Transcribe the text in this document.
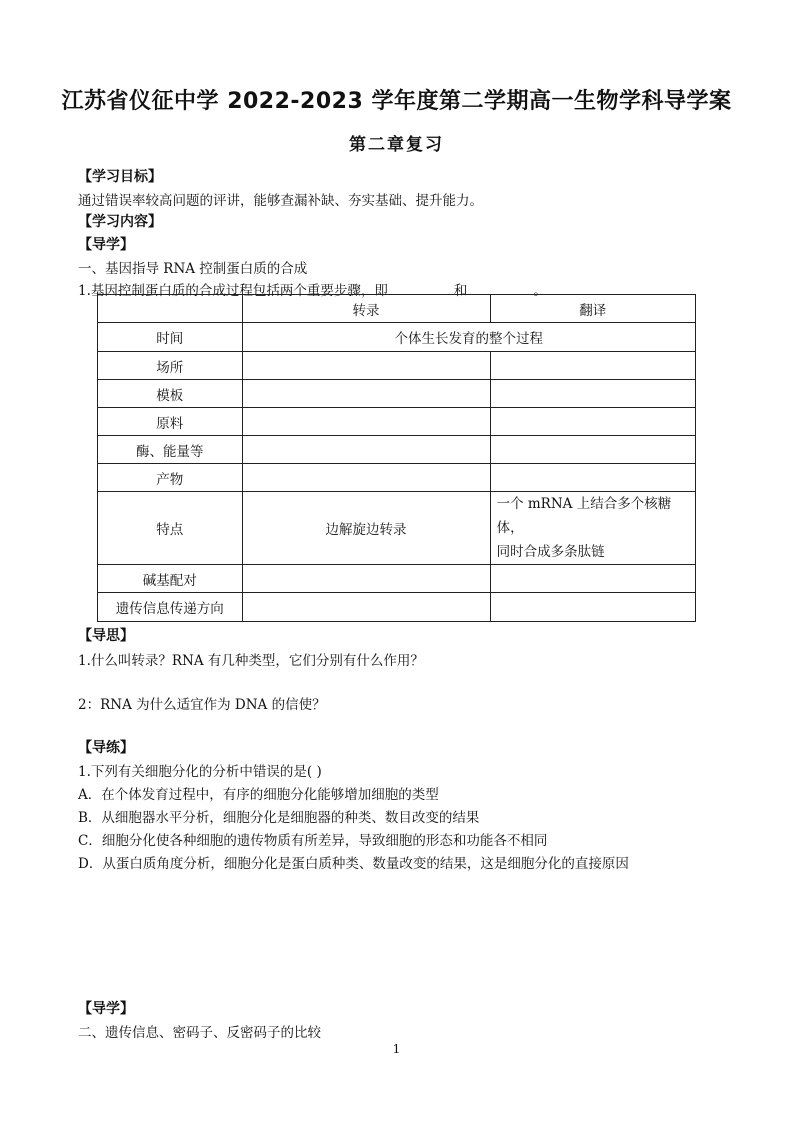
江苏省仪征中学 2022-2023 学年度第二学期高一生物学科导学案
第二章复习
【学习目标】
通过错误率较高问题的评讲，能够查漏补缺、夯实基础、提升能力。
【学习内容】
【导学】
一、基因指导 RNA 控制蛋白质的合成
1.基因控制蛋白质的合成过程包括两个重要步骤，即	和	。
	转录	翻译
时间	个体生长发育的整个过程	
场所		
模板		
原料		
酶、能量等		
产物		
特点	边解旋边转录	一个 mRNA 上结合多个核糖体，
同时合成多条肽链

碱基配对		
遗传信息传递方向		
【导思】
1.什么叫转录？RNA 有几种类型，它们分别有什么作用？
2：RNA 为什么适宜作为 DNA 的信使？
【导练】
1.下列有关细胞分化的分析中错误的是( )
A．在个体发育过程中，有序的细胞分化能够增加细胞的类型
B．从细胞器水平分析，细胞分化是细胞器的种类、数目改变的结果
C．细胞分化使各种细胞的遗传物质有所差异，导致细胞的形态和功能各不相同
D．从蛋白质角度分析，细胞分化是蛋白质种类、数量改变的结果，这是细胞分化的直接原因
【导学】
二、遗传信息、密码子、反密码子的比较
1
